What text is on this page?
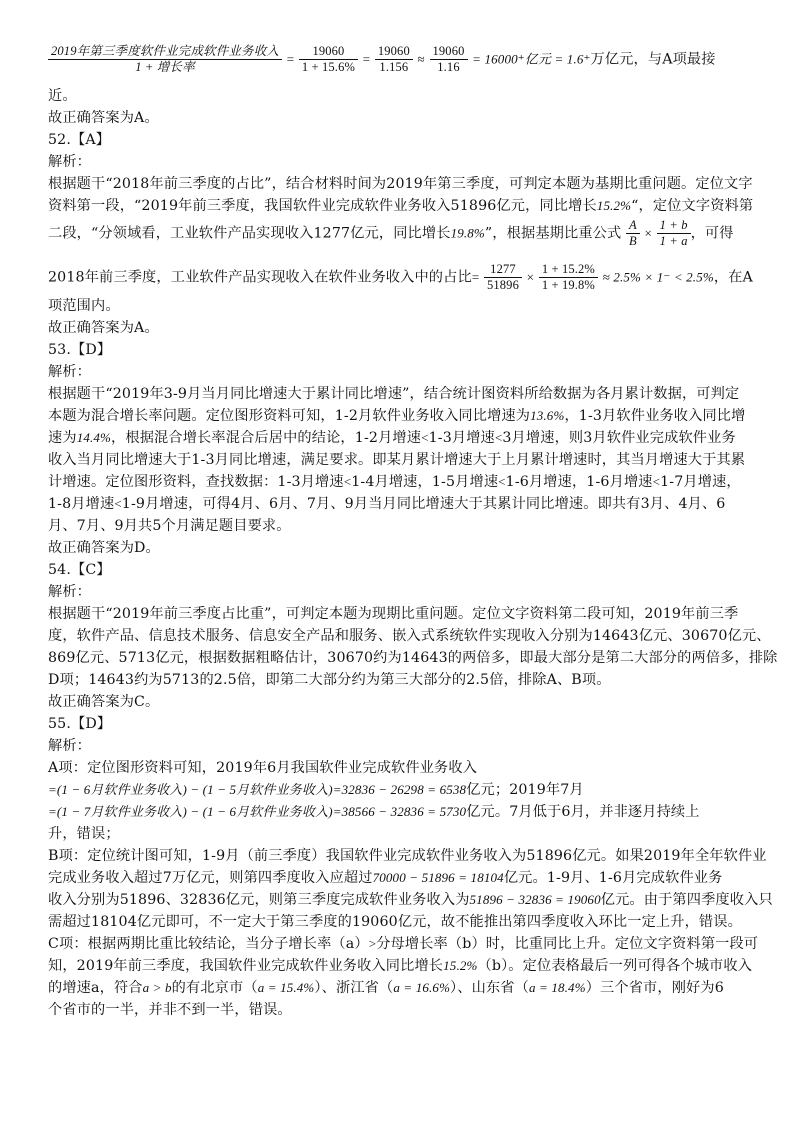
$\frac{\text{2019年第三季度软件业完成软件业务收入}}{\text{1 + 增长率}} = \frac{19060}{1 + 15.6\%} = \frac{19060}{1.156} \approx \frac{19060}{1.16} = 16000^+$亿元 = 1.6⁺万亿元，与A项最接
近。
故正确答案为A。
52.【A】
解析：
根据题干“2018年前三季度的占比”，结合材料时间为2019年第三季度，可判定本题为基期比重问题。定位文字
资料第一段，“2019年前三季度，我国软件业完成软件业务收入51896亿元，同比增长15.2%“，定位文字资料第
二段，“分领域看，工业软件产品实现收入1277亿元，同比增长19.8%”，根据基期比重公式 $\frac{A}{B} \times \frac{1 + b}{1 + a}$ ，可得
2018年前三季度，工业软件产品实现收入在软件业务收入中的占比= $\frac{1277}{51896} \times \frac{1 + 15.2\%}{1 + 19.8\%} \approx 2.5\% \times 1^- < 2.5\%$，在A
项范围内。
故正确答案为A。
53.【D】
解析：
根据题干“2019年3-9月当月同比增速大于累计同比增速”，结合统计图资料所给数据为各月累计数据，可判定
本题为混合增长率问题。定位图形资料可知，1-2月软件业务收入同比增速为13.6%，1-3月软件业务收入同比增
速为14.4%，根据混合增长率混合后居中的结论，1-2月增速<1-3月增速<3月增速，则3月软件业完成软件业务
收入当月同比增速大于1-3月同比增速，满足要求。即某月累计增速大于上月累计增速时，其当月增速大于其累
计增速。定位图形资料，查找数据：1-3月增速<1-4月增速，1-5月增速<1-6月增速，1-6月增速<1-7月增速，
1-8月增速<1-9月增速，可得4月、6月、7月、9月当月同比增速大于其累计同比增速。即共有3月、4月、6
月、7月、9月共5个月满足题目要求。
故正确答案为D。
54.【C】
解析：
根据题干“2019年前三季度占比重”，可判定本题为现期比重问题。定位文字资料第二段可知，2019年前三季
度，软件产品、信息技术服务、信息安全产品和服务、嵌入式系统软件实现收入分别为14643亿元、30670亿元、
869亿元、5713亿元，根据数据粗略估计，30670约为14643的两倍多，即最大部分是第二大部分的两倍多，排除
D项；14643约为5713的2.5倍，即第二大部分约为第三大部分的2.5倍，排除A、B项。
故正确答案为C。
55.【D】
解析：
A项：定位图形资料可知，2019年6月我国软件业完成软件业务收入
=(1 − 6月软件业务收入) − (1 − 5月软件业务收入)=32836 − 26298 = 6538亿元；2019年7月
=(1 − 7月软件业务收入) − (1 − 6月软件业务收入)=38566 − 32836 = 5730亿元。7月低于6月，并非逐月持续上
升，错误；
B项：定位统计图可知，1-9月（前三季度）我国软件业完成软件业务收入为51896亿元。如果2019年全年软件业
完成业务收入超过7万亿元，则第四季度收入应超过70000 − 51896 = 18104亿元。1-9月、1-6月完成软件业务
收入分别为51896、32836亿元，则第三季度完成软件业务收入为51896 − 32836 = 19060亿元。由于第四季度收入只
需超过18104亿元即可，不一定大于第三季度的19060亿元，故不能推出第四季度收入环比一定上升，错误。
C项：根据两期比重比较结论，当分子增长率（a）>分母增长率（b）时，比重同比上升。定位文字资料第一段可
知，2019年前三季度，我国软件业完成软件业务收入同比增长15.2%（b）。定位表格最后一列可得各个城市收入
的增速a，符合a > b的有北京市（a = 15.4%）、浙江省（a = 16.6%）、山东省（a = 18.4%）三个省市，刚好为6
个省市的一半，并非不到一半，错误。
